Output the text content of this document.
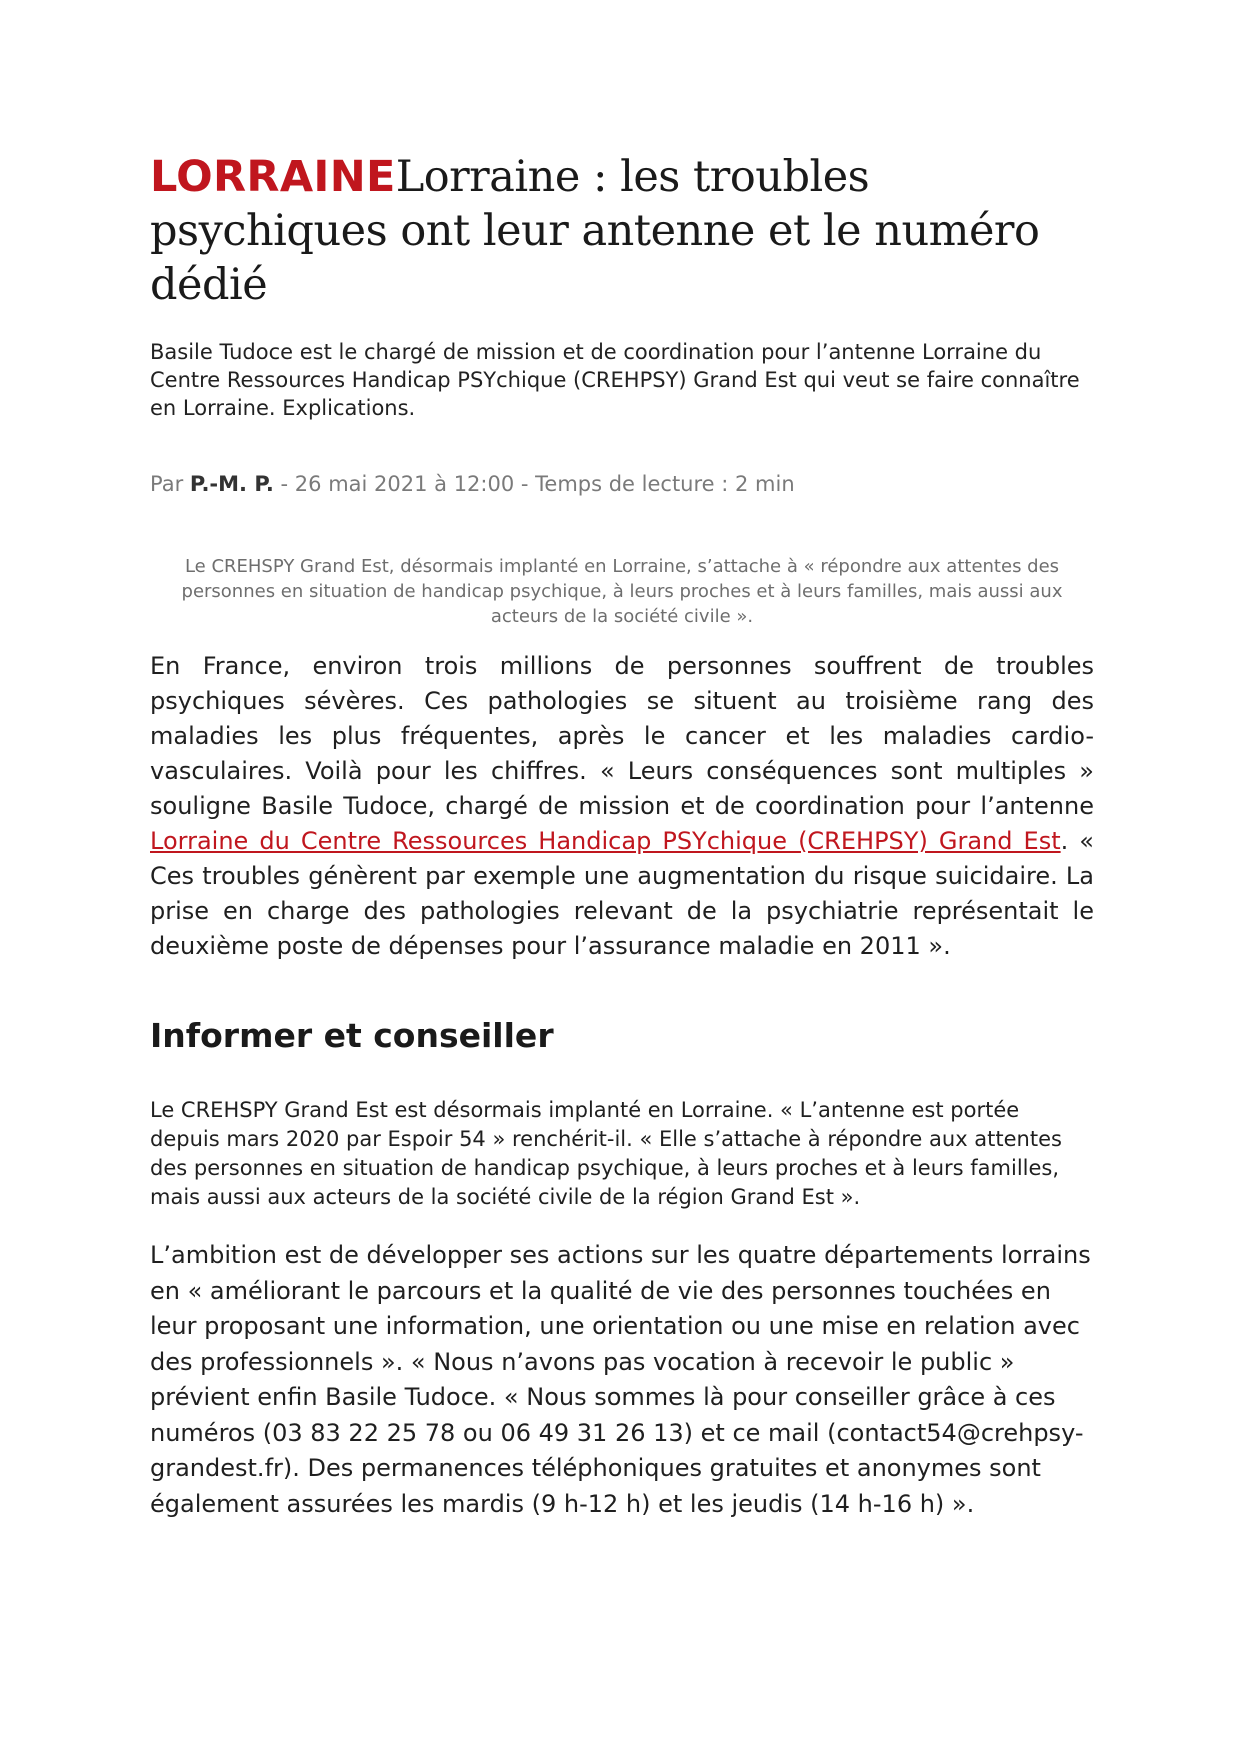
LORRAINELorraine : les troubles psychiques ont leur antenne et le numéro dédié

Basile Tudoce est le chargé de mission et de coordination pour l’antenne Lorraine du Centre Ressources Handicap PSYchique (CREHPSY) Grand Est qui veut se faire connaître en Lorraine. Explications.

Par P.-M. P. - 26 mai 2021 à 12:00 - Temps de lecture : 2 min

Le CREHSPY Grand Est, désormais implanté en Lorraine, s’attache à « répondre aux attentes des personnes en situation de handicap psychique, à leurs proches et à leurs familles, mais aussi aux acteurs de la société civile ».

En France, environ trois millions de personnes souffrent de troubles psychiques sévères. Ces pathologies se situent au troisième rang des maladies les plus fréquentes, après le cancer et les maladies cardio-vasculaires. Voilà pour les chiffres. « Leurs conséquences sont multiples » souligne Basile Tudoce, chargé de mission et de coordination pour l’antenne Lorraine du Centre Ressources Handicap PSYchique (CREHPSY) Grand Est. « Ces troubles génèrent par exemple une augmentation du risque suicidaire. La prise en charge des pathologies relevant de la psychiatrie représentait le deuxième poste de dépenses pour l’assurance maladie en 2011 ».

Informer et conseiller

Le CREHSPY Grand Est est désormais implanté en Lorraine. « L’antenne est portée depuis mars 2020 par Espoir 54 » renchérit-il. « Elle s’attache à répondre aux attentes des personnes en situation de handicap psychique, à leurs proches et à leurs familles, mais aussi aux acteurs de la société civile de la région Grand Est ».

L’ambition est de développer ses actions sur les quatre départements lorrains en « améliorant le parcours et la qualité de vie des personnes touchées en leur proposant une information, une orientation ou une mise en relation avec des professionnels ». « Nous n’avons pas vocation à recevoir le public » prévient enfin Basile Tudoce. « Nous sommes là pour conseiller grâce à ces numéros (03 83 22 25 78 ou 06 49 31 26 13) et ce mail (contact54@crehpsy-grandest.fr). Des permanences téléphoniques gratuites et anonymes sont également assurées les mardis (9 h-12 h) et les jeudis (14 h-16 h) ».
